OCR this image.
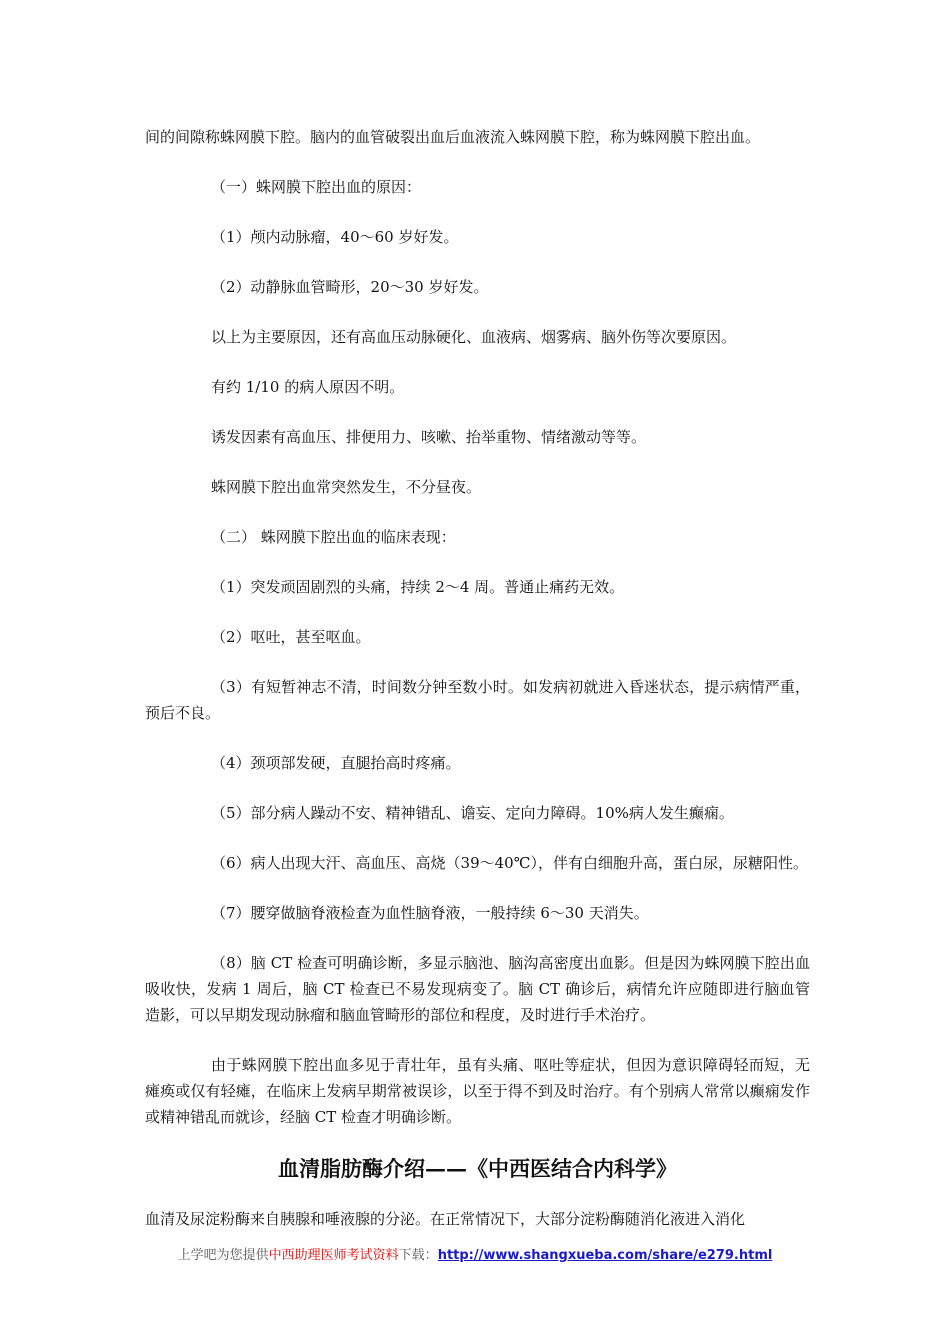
间的间隙称蛛网膜下腔。脑内的血管破裂出血后血液流入蛛网膜下腔，称为蛛网膜下腔出血。

（一）蛛网膜下腔出血的原因：

（1）颅内动脉瘤，40～60 岁好发。

（2）动静脉血管畸形，20～30 岁好发。

以上为主要原因，还有高血压动脉硬化、血液病、烟雾病、脑外伤等次要原因。

有约 1/10 的病人原因不明。

诱发因素有高血压、排便用力、咳嗽、抬举重物、情绪激动等等。

蛛网膜下腔出血常突然发生，不分昼夜。

（二） 蛛网膜下腔出血的临床表现：

（1）突发顽固剧烈的头痛，持续 2～4 周。普通止痛药无效。

（2）呕吐，甚至呕血。

（3）有短暂神志不清，时间数分钟至数小时。如发病初就进入昏迷状态，提示病情严重，预后不良。

（4）颈项部发硬，直腿抬高时疼痛。

（5）部分病人躁动不安、精神错乱、谵妄、定向力障碍。10%病人发生癫痫。

（6）病人出现大汗、高血压、高烧（39～40℃），伴有白细胞升高，蛋白尿，尿糖阳性。

（7）腰穿做脑脊液检查为血性脑脊液，一般持续 6～30 天消失。

（8）脑 CT 检查可明确诊断，多显示脑池、脑沟高密度出血影。但是因为蛛网膜下腔出血吸收快，发病 1 周后，脑 CT 检查已不易发现病变了。脑 CT 确诊后，病情允许应随即进行脑血管造影，可以早期发现动脉瘤和脑血管畸形的部位和程度，及时进行手术治疗。

由于蛛网膜下腔出血多见于青壮年，虽有头痛、呕吐等症状，但因为意识障碍轻而短，无瘫痪或仅有轻瘫，在临床上发病早期常被误诊，以至于得不到及时治疗。有个别病人常常以癫痫发作或精神错乱而就诊，经脑 CT 检查才明确诊断。

血清脂肪酶介绍——《中西医结合内科学》

血清及尿淀粉酶来自胰腺和唾液腺的分泌。在正常情况下，大部分淀粉酶随消化液进入消化

上学吧为您提供中西助理医师考试资料下载：http://www.shangxueba.com/share/e279.html
